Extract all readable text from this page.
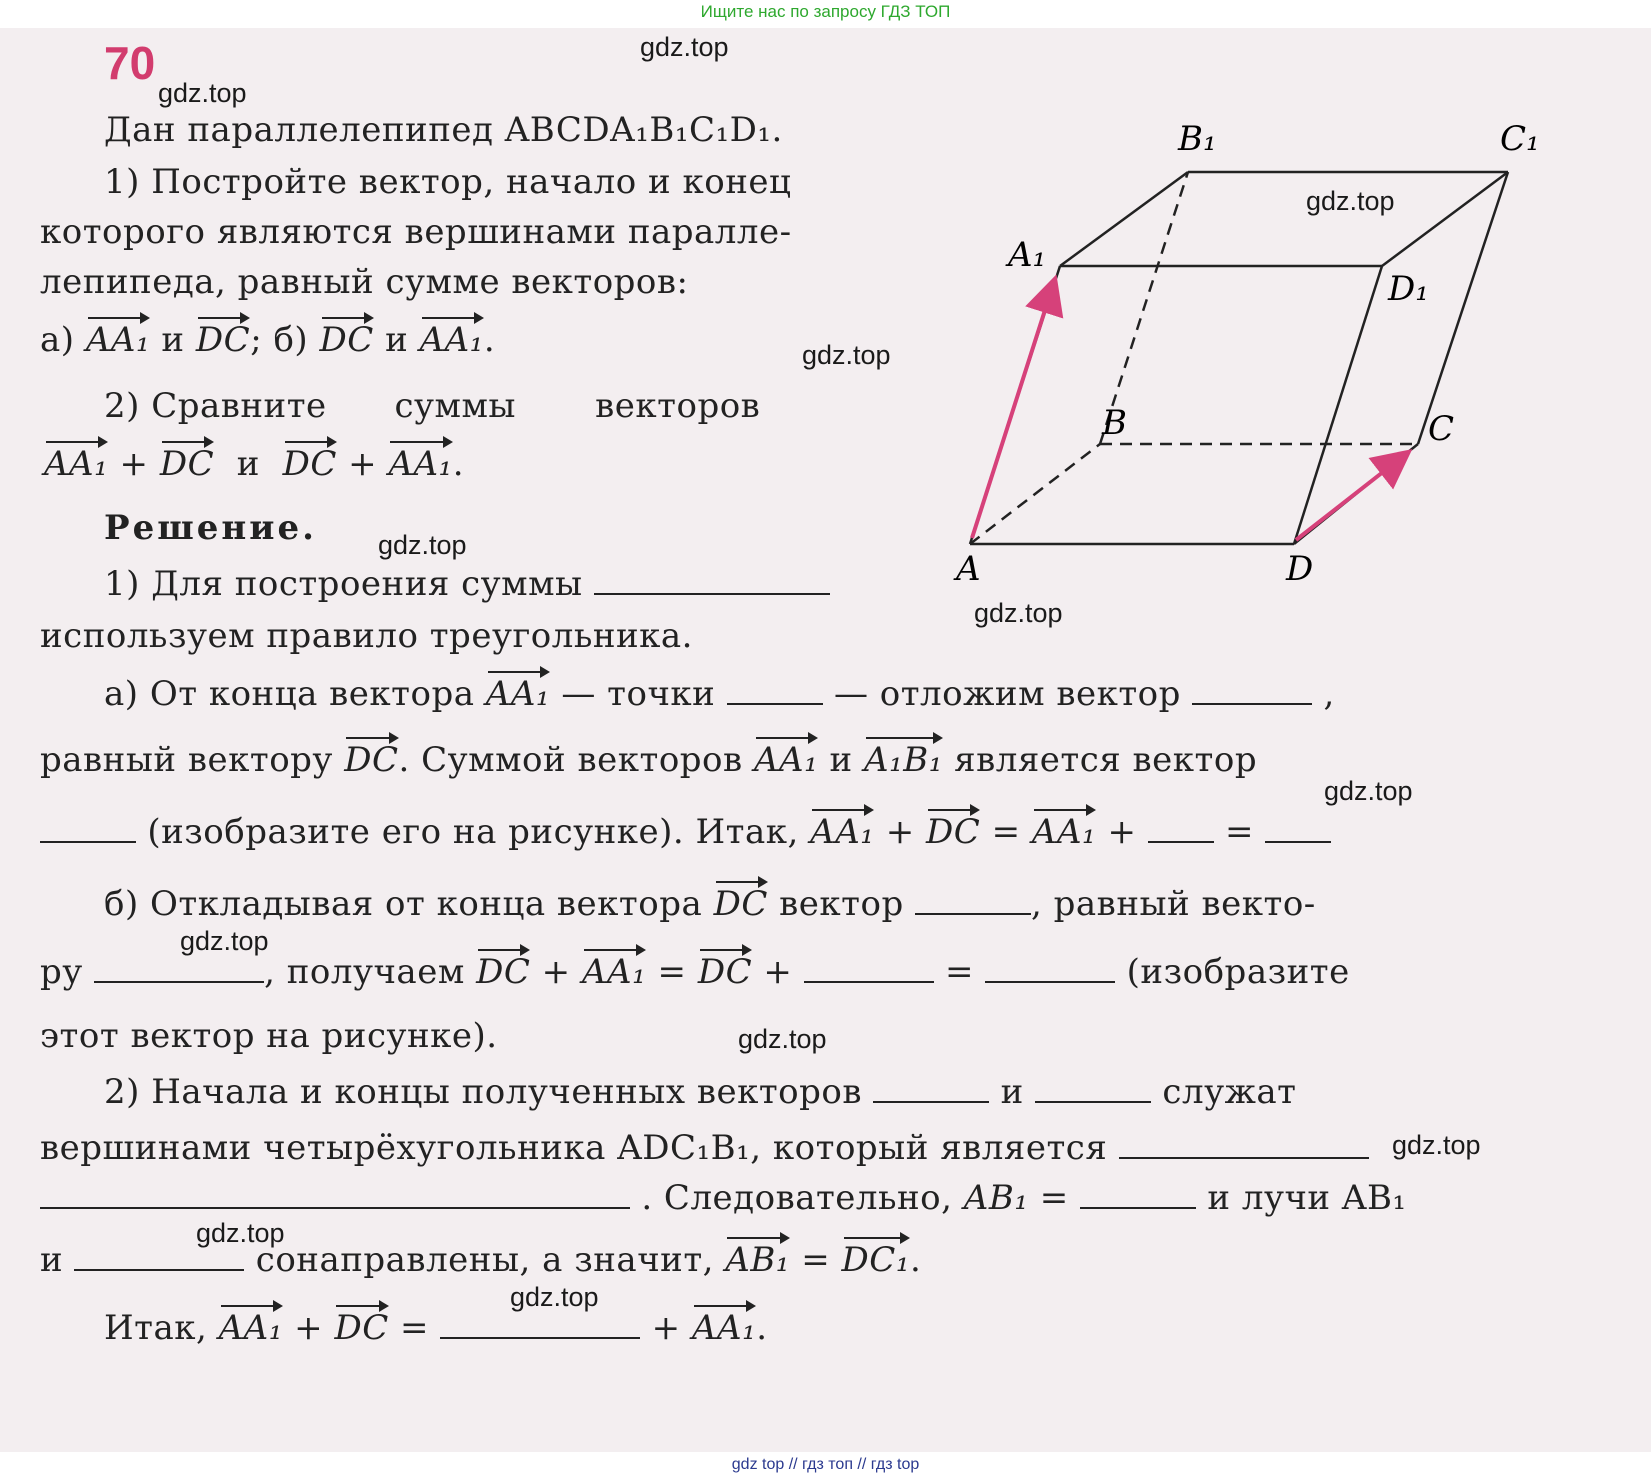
Ищите нас по запросу ГДЗ ТОП
70	gdz.top
gdz.top
gdz.top
gdz.top
gdz.top
gdz.top
gdz.top
gdz.top
gdz.top
gdz.top
gdz.top
gdz.top
A
B	C
D
A₁
B₁	C₁
D₁
Дан параллелепипед ABCDA₁B₁C₁D₁.
1) Постройте вектор, начало и конец
которого являются вершинами паралле-
лепипеда, равный сумме векторов:
а) AA₁ и DC; б) DC и AA₁.
2) Сравните      суммы       векторов
AA₁ + DC и DC + AA₁.
Решение.
1) Для построения суммы
используем правило треугольника.
а) От конца вектора AA₁ — точки	— отложим вектор	,
равный вектору DC. Суммой векторов AA₁ и A₁B₁ является вектор
(изобразите его на рисунке). Итак, AA₁ + DC = AA₁ +  =
б) Откладывая от конца вектора DC вектор	, равный векто-
ру	, получаем DC + AA₁ = DC +	=	(изобразите
этот вектор на рисунке).
2) Начала и концы полученных векторов	и	служат
вершинами четырёхугольника ADC₁B₁, который является
. Следовательно, AB₁ =	и лучи AB₁
и	сонаправлены, а значит, AB₁ = DC₁.
Итак, AA₁ + DC =	+ AA₁.
gdz top // гдз топ // гдз top
